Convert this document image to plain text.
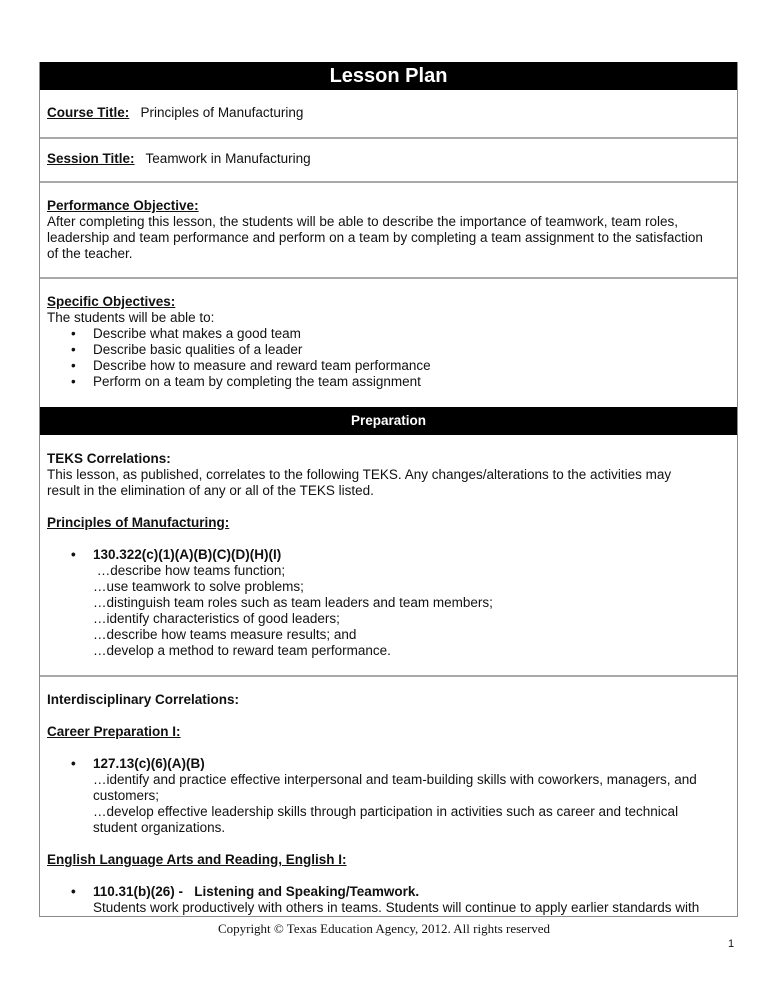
Lesson Plan
Course Title: Principles of Manufacturing
Session Title: Teamwork in Manufacturing
Performance Objective:
After completing this lesson, the students will be able to describe the importance of teamwork, team roles,
leadership and team performance and perform on a team by completing a team assignment to the satisfaction
of the teacher.
Specific Objectives:
The students will be able to:
• Describe what makes a good team
• Describe basic qualities of a leader
• Describe how to measure and reward team performance
• Perform on a team by completing the team assignment
Preparation
TEKS Correlations:
This lesson, as published, correlates to the following TEKS. Any changes/alterations to the activities may
result in the elimination of any or all of the TEKS listed.
Principles of Manufacturing:
• 130.322(c)(1)(A)(B)(C)(D)(H)(I)
…describe how teams function;
…use teamwork to solve problems;
…distinguish team roles such as team leaders and team members;
…identify characteristics of good leaders;
…describe how teams measure results; and
…develop a method to reward team performance.
Interdisciplinary Correlations:
Career Preparation I:
• 127.13(c)(6)(A)(B)
…identify and practice effective interpersonal and team-building skills with coworkers, managers, and
customers;
…develop effective leadership skills through participation in activities such as career and technical
student organizations.
English Language Arts and Reading, English I:
• 110.31(b)(26) -   Listening and Speaking/Teamwork.
Students work productively with others in teams. Students will continue to apply earlier standards with
Copyright © Texas Education Agency, 2012. All rights reserved
1
